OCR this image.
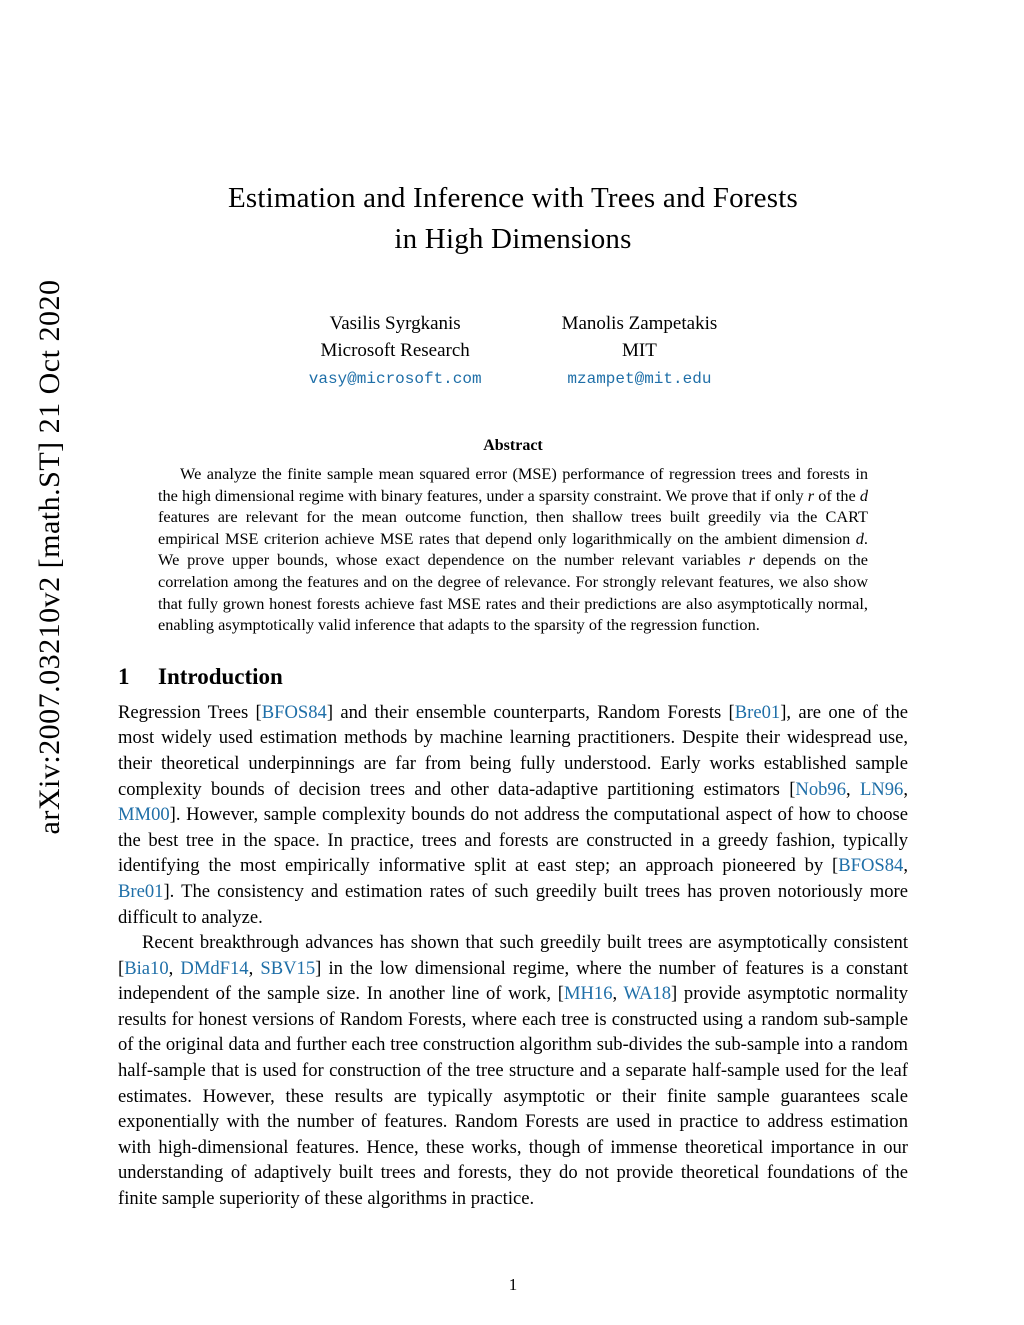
arXiv:2007.03210v2 [math.ST] 21 Oct 2020
Estimation and Inference with Trees and Forests
in High Dimensions
Vasilis Syrgkanis
Microsoft Research
vasy@microsoft.com
Manolis Zampetakis
MIT
mzampet@mit.edu
Abstract
We analyze the finite sample mean squared error (MSE) performance of regression trees and forests in the high dimensional regime with binary features, under a sparsity constraint. We prove that if only r of the d features are relevant for the mean outcome function, then shallow trees built greedily via the CART empirical MSE criterion achieve MSE rates that depend only logarithmically on the ambient dimension d. We prove upper bounds, whose exact dependence on the number relevant variables r depends on the correlation among the features and on the degree of relevance. For strongly relevant features, we also show that fully grown honest forests achieve fast MSE rates and their predictions are also asymptotically normal, enabling asymptotically valid inference that adapts to the sparsity of the regression function.
1 Introduction

Regression Trees [BFOS84] and their ensemble counterparts, Random Forests [Bre01], are one of the most widely used estimation methods by machine learning practitioners. Despite their widespread use, their theoretical underpinnings are far from being fully understood. Early works established sample complexity bounds of decision trees and other data-adaptive partitioning estimators [Nob96, LN96, MM00]. However, sample complexity bounds do not address the computational aspect of how to choose the best tree in the space. In practice, trees and forests are constructed in a greedy fashion, typically identifying the most empirically informative split at east step; an approach pioneered by [BFOS84, Bre01]. The consistency and estimation rates of such greedily built trees has proven notoriously more difficult to analyze.

Recent breakthrough advances has shown that such greedily built trees are asymptotically consistent [Bia10, DMdF14, SBV15] in the low dimensional regime, where the number of features is a constant independent of the sample size. In another line of work, [MH16, WA18] provide asymptotic normality results for honest versions of Random Forests, where each tree is constructed using a random sub-sample of the original data and further each tree construction algorithm sub-divides the sub-sample into a random half-sample that is used for construction of the tree structure and a separate half-sample used for the leaf estimates. However, these results are typically asymptotic or their finite sample guarantees scale exponentially with the number of features. Random Forests are used in practice to address estimation with high-dimensional features. Hence, these works, though of immense theoretical importance in our understanding of adaptively built trees and forests, they do not provide theoretical foundations of the finite sample superiority of these algorithms in practice.

1
